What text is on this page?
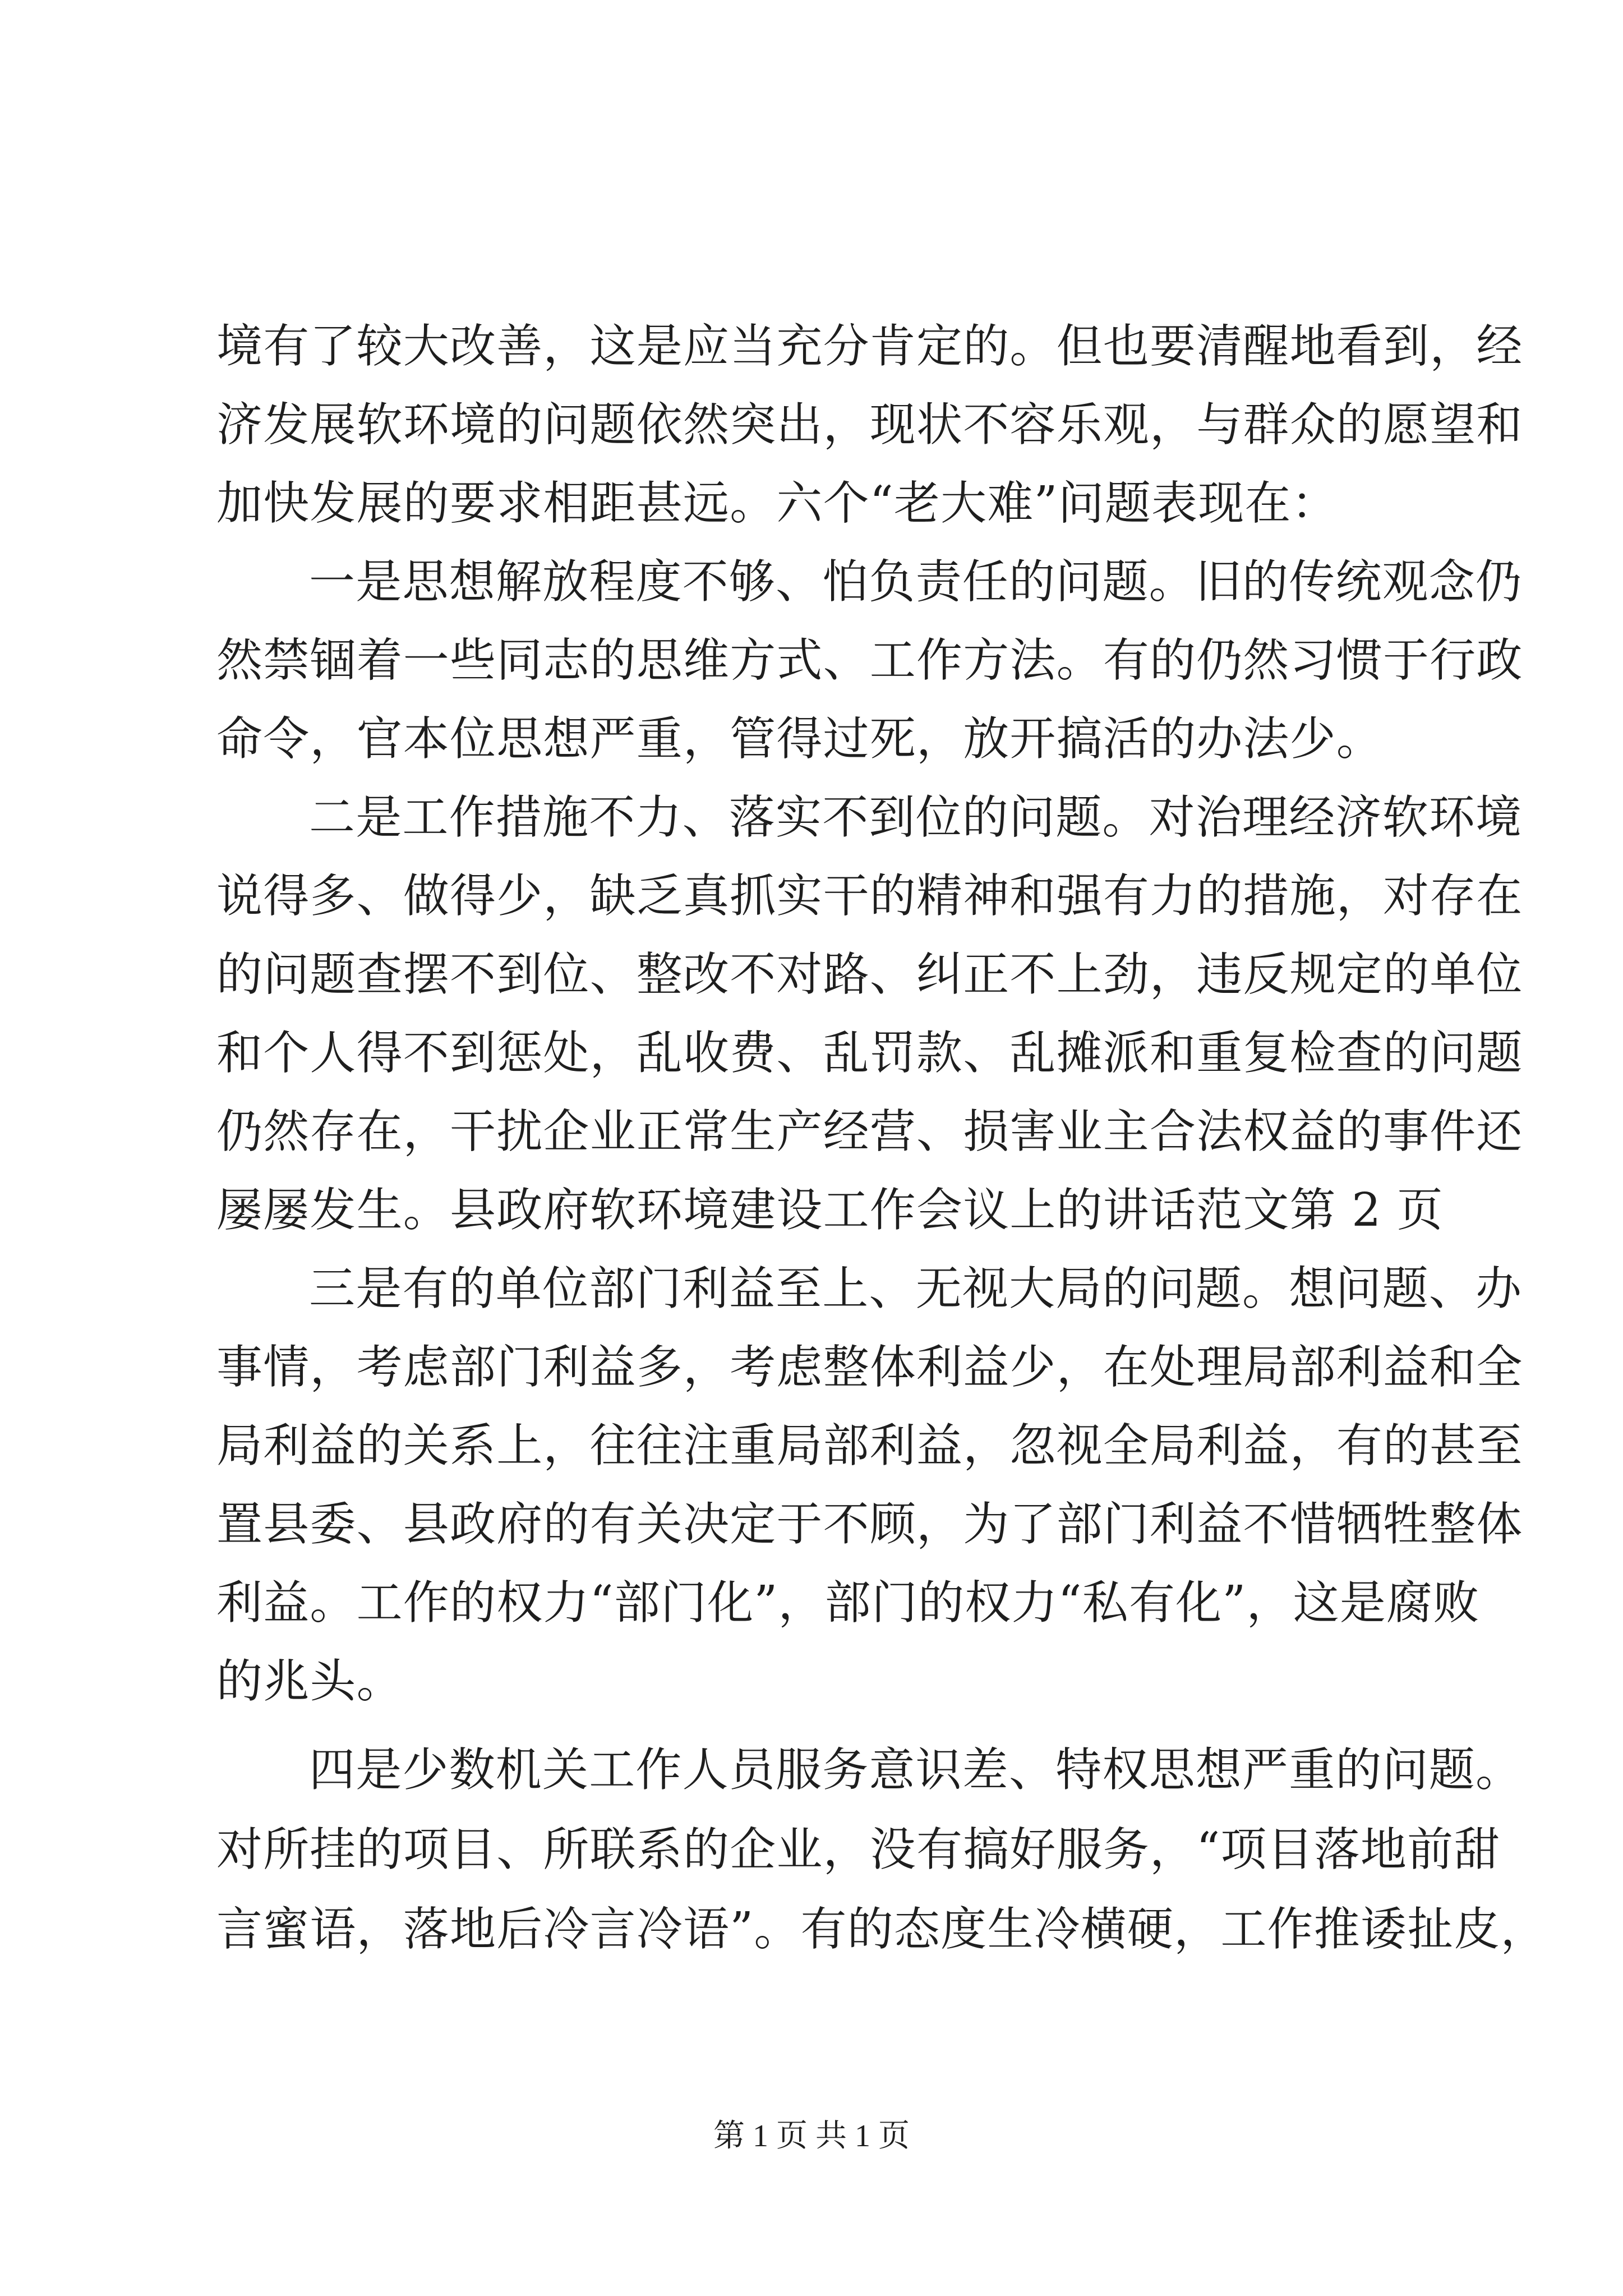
境有了较大改善，这是应当充分肯定的。但也要清醒地看到，经
济发展软环境的问题依然突出，现状不容乐观，与群众的愿望和
加快发展的要求相距甚远。六个“老大难”问题表现在：
一是思想解放程度不够、怕负责任的问题。旧的传统观念仍
然禁锢着一些同志的思维方式、工作方法。有的仍然习惯于行政
命令，官本位思想严重，管得过死，放开搞活的办法少。
二是工作措施不力、落实不到位的问题。对治理经济软环境
说得多、做得少，缺乏真抓实干的精神和强有力的措施，对存在
的问题查摆不到位、整改不对路、纠正不上劲，违反规定的单位
和个人得不到惩处，乱收费、乱罚款、乱摊派和重复检查的问题
仍然存在，干扰企业正常生产经营、损害业主合法权益的事件还
屡屡发生。县政府软环境建设工作会议上的讲话范文第 2 页
三是有的单位部门利益至上、无视大局的问题。想问题、办
事情，考虑部门利益多，考虑整体利益少，在处理局部利益和全
局利益的关系上，往往注重局部利益，忽视全局利益，有的甚至
置县委、县政府的有关决定于不顾，为了部门利益不惜牺牲整体
利益。工作的权力“部门化”，部门的权力“私有化”，这是腐败
的兆头。
四是少数机关工作人员服务意识差、特权思想严重的问题。
对所挂的项目、所联系的企业，没有搞好服务，“项目落地前甜
言蜜语，落地后冷言冷语”。有的态度生冷横硬，工作推诿扯皮，
第 1 页 共 1 页
